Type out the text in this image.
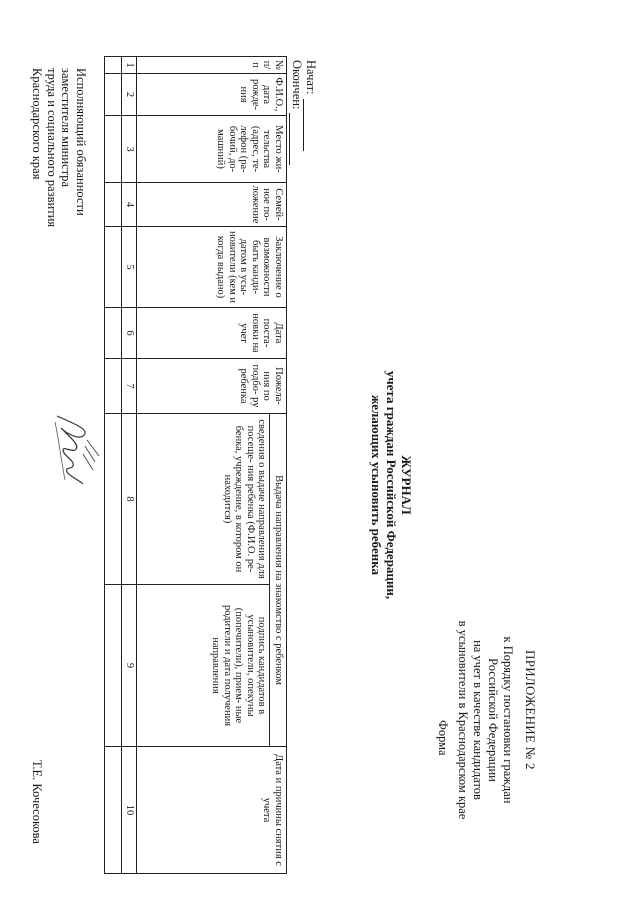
ПРИЛОЖЕНИЕ № 2
к Порядку постановки граждан
Российской Федерации
на учет в качестве кандидатов
в усыновители в Краснодарском крае
Форма
ЖУРНАЛ
учета граждан Российской Федерации,
желающих усыновить ребенка
Начат:
Окончен:
№ п/п	Ф.И.О., дата рожде- ния	Место жи- тельства (адрес, те- лефон (ра- бочий, до- машний)	Семей- ное по- ложение	Заключение о возможности быть канди- датом в усы- новители (кем и когда выдано)	Дата поста- новки на учет	Пожела- ния по подбо- ру ребенка	Выдача направления на знакомство с ребенком		Дата и причины снятия с учета
							сведения о выдаче направления для посеще- ния ребенка (Ф.И.О. ре- бенка, учреждение, в котором он находится)	подпись кандидатов в усыновители, опекуны (попечители), прием- ные родители и дата получения направления	
1	2	3	4	5	6	7	8	9	10

Исполняющий обязанности
заместителя министра
труда и социального развития
Краснодарского края
Т.Е. Кочесокова
